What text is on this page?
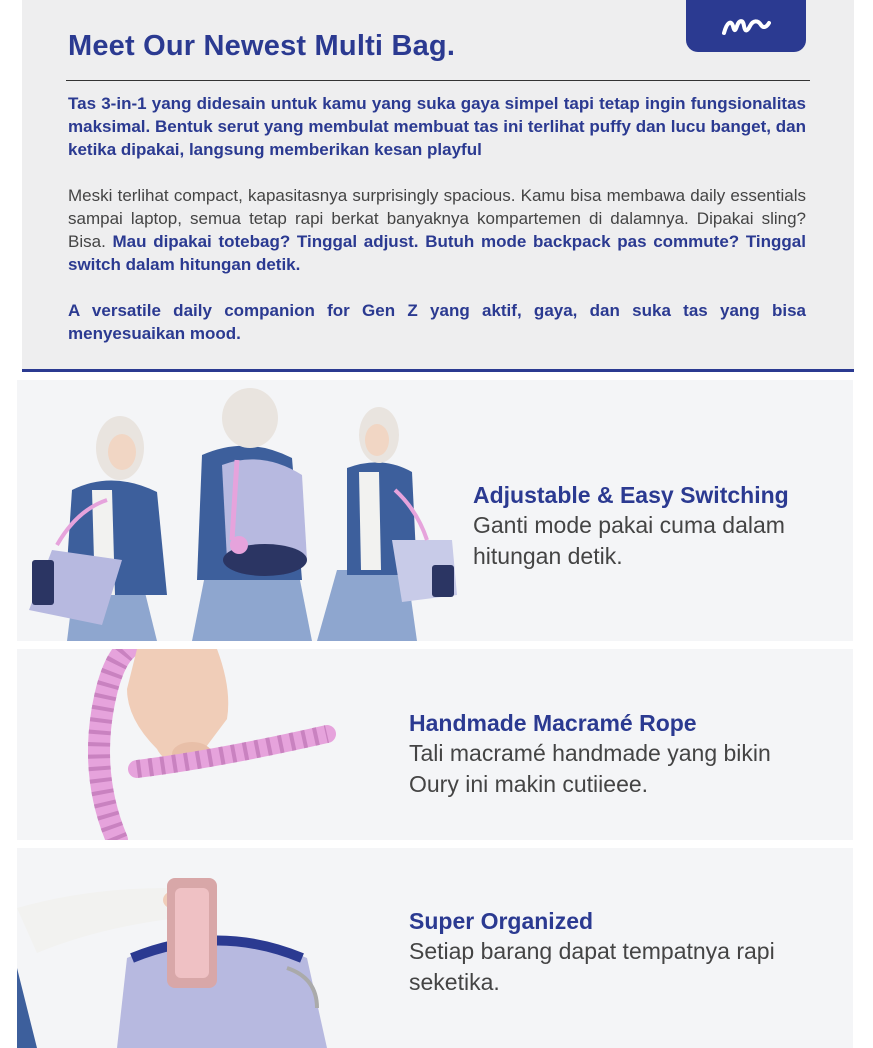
Meet Our Newest Multi Bag.

Tas 3-in-1 yang didesain untuk kamu yang suka gaya simpel tapi tetap ingin fungsionalitas maksimal. Bentuk serut yang membulat membuat tas ini terlihat puffy dan lucu banget, dan ketika dipakai, langsung memberikan kesan playful

Meski terlihat compact, kapasitasnya surprisingly spacious. Kamu bisa membawa daily essentials sampai laptop, semua tetap rapi berkat banyaknya kompartemen di dalamnya. Dipakai sling? Bisa. Mau dipakai totebag? Tinggal adjust. Butuh mode backpack pas commute? Tinggal switch dalam hitungan detik.

A versatile daily companion for Gen Z yang aktif, gaya, dan suka tas yang bisa menyesuaikan mood.

Adjustable & Easy Switching
Ganti mode pakai cuma dalam hitungan detik.
Handmade Macramé Rope
Tali macramé handmade yang bikin Oury ini makin cutiieee.
Super Organized
Setiap barang dapat tempatnya rapi seketika.
